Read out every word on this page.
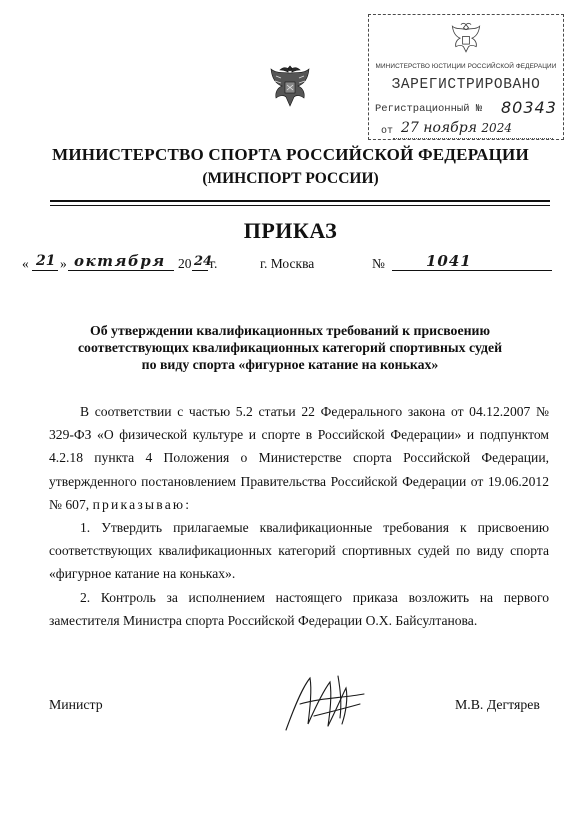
МИНИСТЕРСТВО ЮСТИЦИИ РОССИЙСКОЙ ФЕДЕРАЦИИ
ЗАРЕГИСТРИРОВАНО
Регистрационный № 80343
от 27 ноября 2024
МИНИСТЕРСТВО СПОРТА РОССИЙСКОЙ ФЕДЕРАЦИИ
(МИНСПОРТ РОССИИ)
ПРИКАЗ
« 21 » октября 20 24
г.	г. Москва	№	1041
Об утверждении квалификационных требований к присвоению
соответствующих квалификационных категорий спортивных судей
по виду спорта «фигурное катание на коньках»

В соответствии с частью 5.2 статьи 22 Федерального закона от 04.12.2007 № 329-ФЗ «О физической культуре и спорте в Российской Федерации» и подпунктом 4.2.18 пункта 4 Положения о Министерстве спорта Российской Федерации, утвержденного постановлением Правительства Российской Федерации от 19.06.2012 № 607, приказываю:

1. Утвердить прилагаемые квалификационные требования к присвоению соответствующих квалификационных категорий спортивных судей по виду спорта «фигурное катание на коньках».

2. Контроль за исполнением настоящего приказа возложить на первого заместителя Министра спорта Российской Федерации О.Х. Байсултанова.

Министр	М.В. Дегтярев
